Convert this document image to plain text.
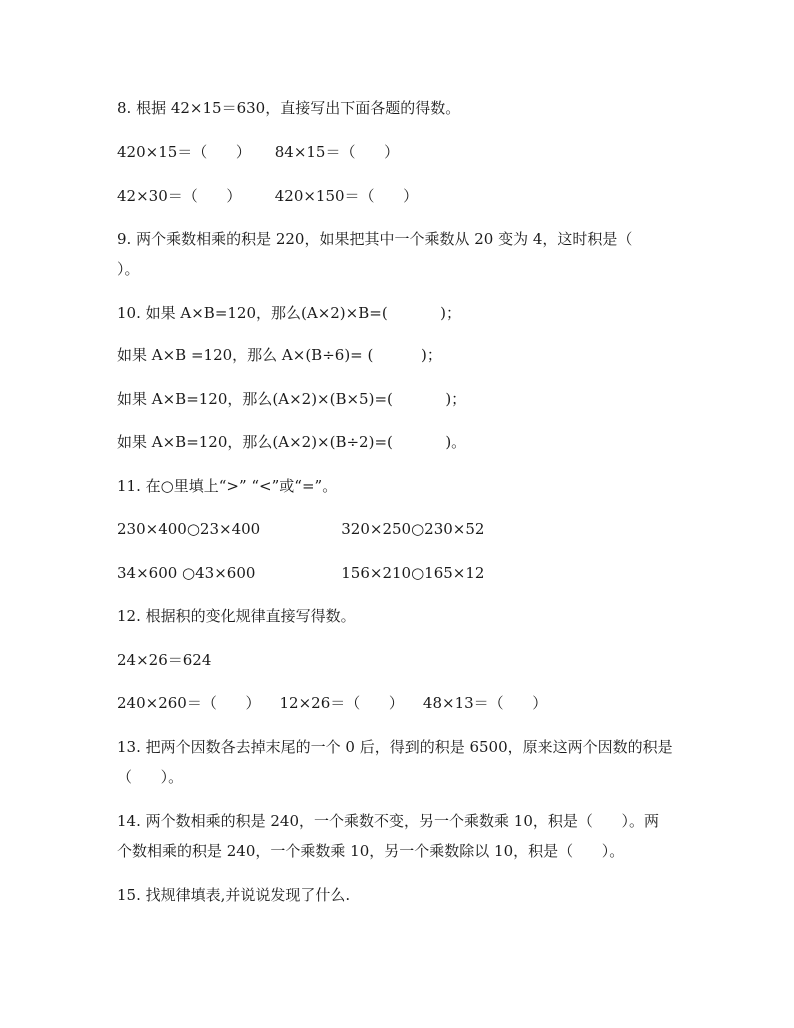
8. 根据 42×15＝630，直接写出下面各题的得数。
420×15＝（      ）     84×15＝（      ）
42×30＝（      ）       420×150＝（      ）
9. 两个乘数相乘的积是 220，如果把其中一个乘数从 20 变为 4，这时积是（
）。
10. 如果 A×B=120，那么(A×2)×B=(           )；
如果 A×B =120，那么 A×(B÷6)= (          )；
如果 A×B=120，那么(A×2)×(B×5)=(           )；
如果 A×B=120，那么(A×2)×(B÷2)=(           )。
11. 在○里填上“>” “<”或“=”。
230×400○23×400                 320×250○230×52
34×600 ○43×600                  156×210○165×12
12. 根据积的变化规律直接写得数。
24×26＝624
240×260＝（      ）    12×26＝（      ）    48×13＝（      ）
13. 把两个因数各去掉末尾的一个 0 后，得到的积是 6500，原来这两个因数的积是
（      ）。
14. 两个数相乘的积是 240，一个乘数不变，另一个乘数乘 10，积是（      ）。两
个数相乘的积是 240，一个乘数乘 10，另一个乘数除以 10，积是（      ）。
15. 找规律填表,并说说发现了什么.
